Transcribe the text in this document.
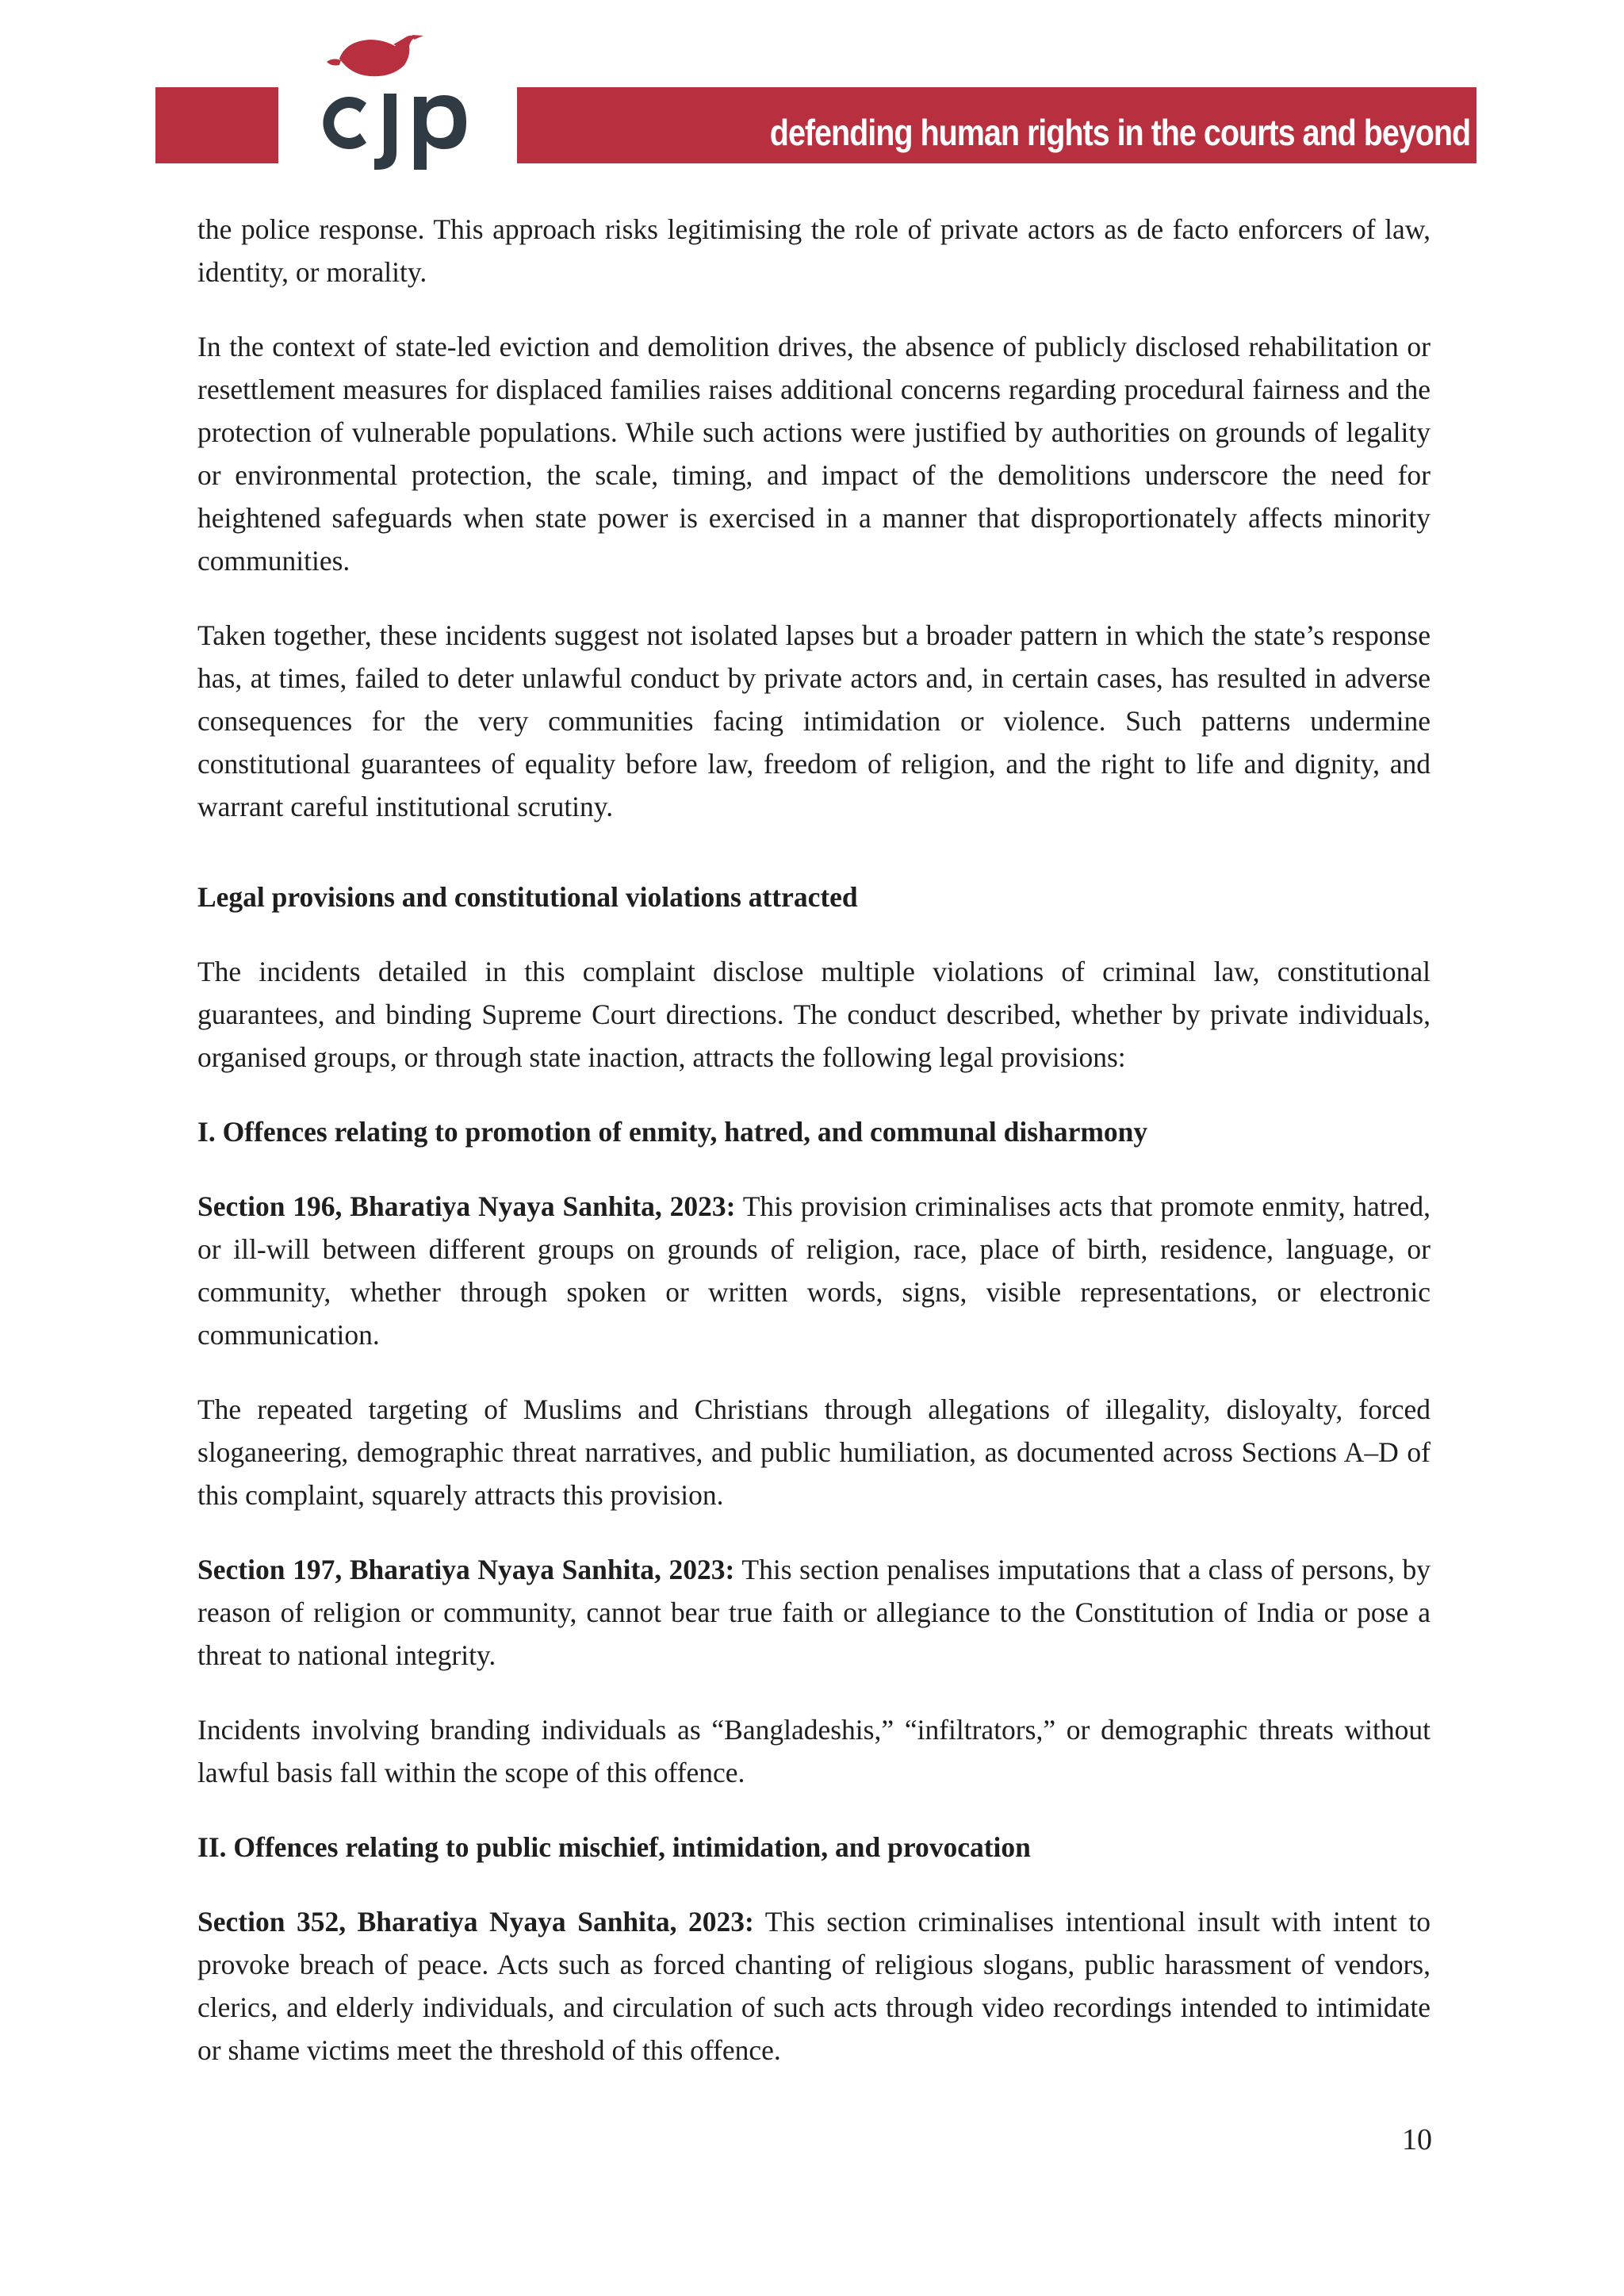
defending human rights in the courts and beyond

the police response. This approach risks legitimising the role of private actors as de facto enforcers of law, identity, or morality.

In the context of state-led eviction and demolition drives, the absence of publicly disclosed rehabilitation or resettlement measures for displaced families raises additional concerns regarding procedural fairness and the protection of vulnerable populations. While such actions were justified by authorities on grounds of legality or environmental protection, the scale, timing, and impact of the demolitions underscore the need for heightened safeguards when state power is exercised in a manner that disproportionately affects minority communities.

Taken together, these incidents suggest not isolated lapses but a broader pattern in which the state’s response has, at times, failed to deter unlawful conduct by private actors and, in certain cases, has resulted in adverse consequences for the very communities facing intimidation or violence. Such patterns undermine constitutional guarantees of equality before law, freedom of religion, and the right to life and dignity, and warrant careful institutional scrutiny.

Legal provisions and constitutional violations attracted

The incidents detailed in this complaint disclose multiple violations of criminal law, constitutional guarantees, and binding Supreme Court directions. The conduct described, whether by private individuals, organised groups, or through state inaction, attracts the following legal provisions:

I. Offences relating to promotion of enmity, hatred, and communal disharmony

Section 196, Bharatiya Nyaya Sanhita, 2023: This provision criminalises acts that promote enmity, hatred, or ill-will between different groups on grounds of religion, race, place of birth, residence, language, or community, whether through spoken or written words, signs, visible representations, or electronic communication.

The repeated targeting of Muslims and Christians through allegations of illegality, disloyalty, forced sloganeering, demographic threat narratives, and public humiliation, as documented across Sections A–D of this complaint, squarely attracts this provision.

Section 197, Bharatiya Nyaya Sanhita, 2023: This section penalises imputations that a class of persons, by reason of religion or community, cannot bear true faith or allegiance to the Constitution of India or pose a threat to national integrity.

Incidents involving branding individuals as “Bangladeshis,” “infiltrators,” or demographic threats without lawful basis fall within the scope of this offence.

II. Offences relating to public mischief, intimidation, and provocation

Section 352, Bharatiya Nyaya Sanhita, 2023: This section criminalises intentional insult with intent to provoke breach of peace. Acts such as forced chanting of religious slogans, public harassment of vendors, clerics, and elderly individuals, and circulation of such acts through video recordings intended to intimidate or shame victims meet the threshold of this offence.

10
